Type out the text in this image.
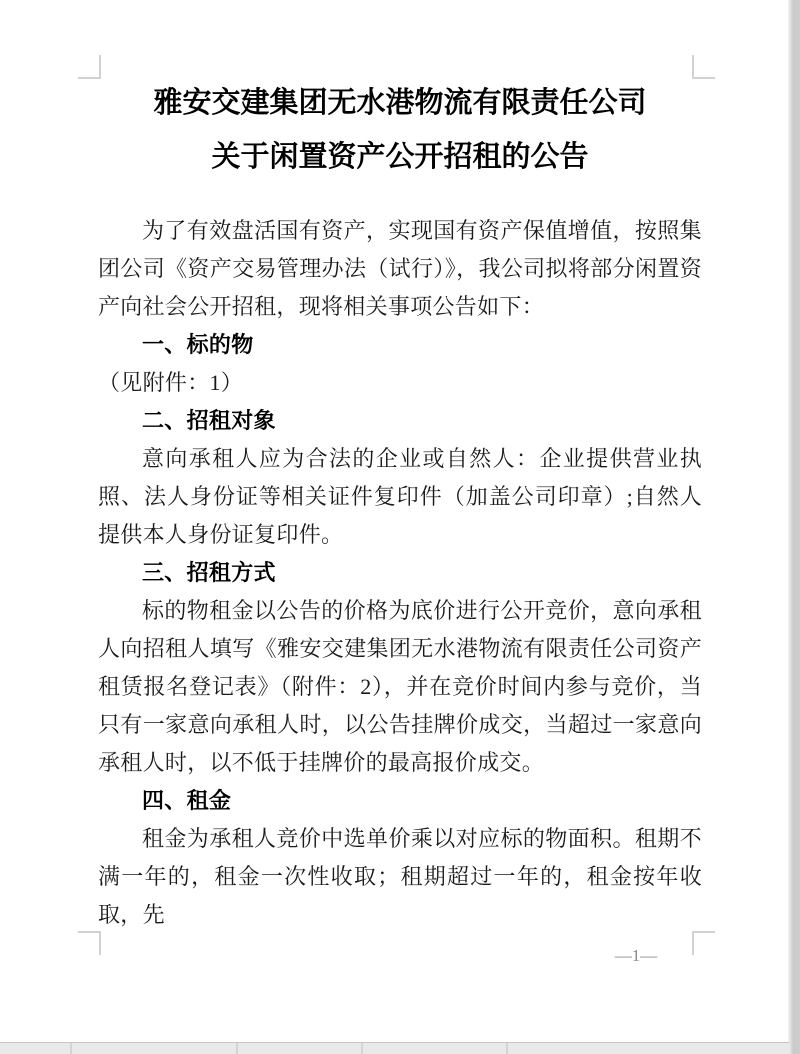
雅安交建集团无水港物流有限责任公司
关于闲置资产公开招租的公告

为了有效盘活国有资产，实现国有资产保值增值，按照集团公司《资产交易管理办法（试行）》，我公司拟将部分闲置资产向社会公开招租，现将相关事项公告如下：

一、标的物

（见附件：1）

二、招租对象

意向承租人应为合法的企业或自然人：企业提供营业执照、法人身份证等相关证件复印件（加盖公司印章）;自然人提供本人身份证复印件。

三、招租方式

标的物租金以公告的价格为底价进行公开竞价，意向承租人向招租人填写《雅安交建集团无水港物流有限责任公司资产租赁报名登记表》（附件：2），并在竞价时间内参与竞价，当只有一家意向承租人时，以公告挂牌价成交，当超过一家意向承租人时，以不低于挂牌价的最高报价成交。

四、租金

租金为承租人竞价中选单价乘以对应标的物面积。租期不满一年的，租金一次性收取；租期超过一年的，租金按年收取，先

—1—
